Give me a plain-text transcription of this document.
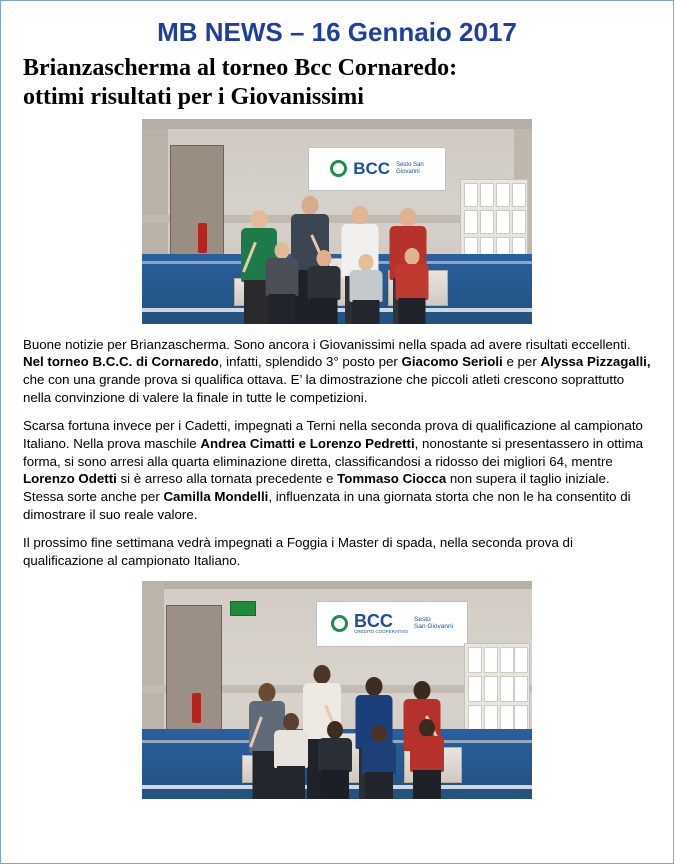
MB NEWS – 16 Gennaio 2017
Brianzascherma al torneo Bcc Cornaredo:
ottimi risultati per i Giovanissimi
BCC Sesto San
Giovanni

Buone notizie per Brianzascherma. Sono ancora i Giovanissimi nella spada ad avere risultati eccellenti. Nel torneo B.C.C. di Cornaredo, infatti, splendido 3° posto per Giacomo Serioli e per Alyssa Pizzagalli, che con una grande prova si qualifica ottava. E’ la dimostrazione che piccoli atleti crescono soprattutto nella convinzione di valere la finale in tutte le competizioni.

Scarsa fortuna invece per i Cadetti, impegnati a Terni nella seconda prova di qualificazione al campionato Italiano. Nella prova maschile Andrea Cimatti e Lorenzo Pedretti, nonostante si presentassero in ottima forma, si sono arresi alla quarta eliminazione diretta, classificandosi a ridosso dei migliori 64, mentre Lorenzo Odetti si è arreso alla tornata precedente e Tommaso Ciocca non supera il taglio iniziale. Stessa sorte anche per Camilla Mondelli, influenzata in una giornata storta che non le ha consentito di dimostrare il suo reale valore.

Il prossimo fine settimana vedrà impegnati a Foggia i Master di spada, nella seconda prova di qualificazione al campionato Italiano.

BCC
CREDITO COOPERATIVO
Sesto
San Giovanni
